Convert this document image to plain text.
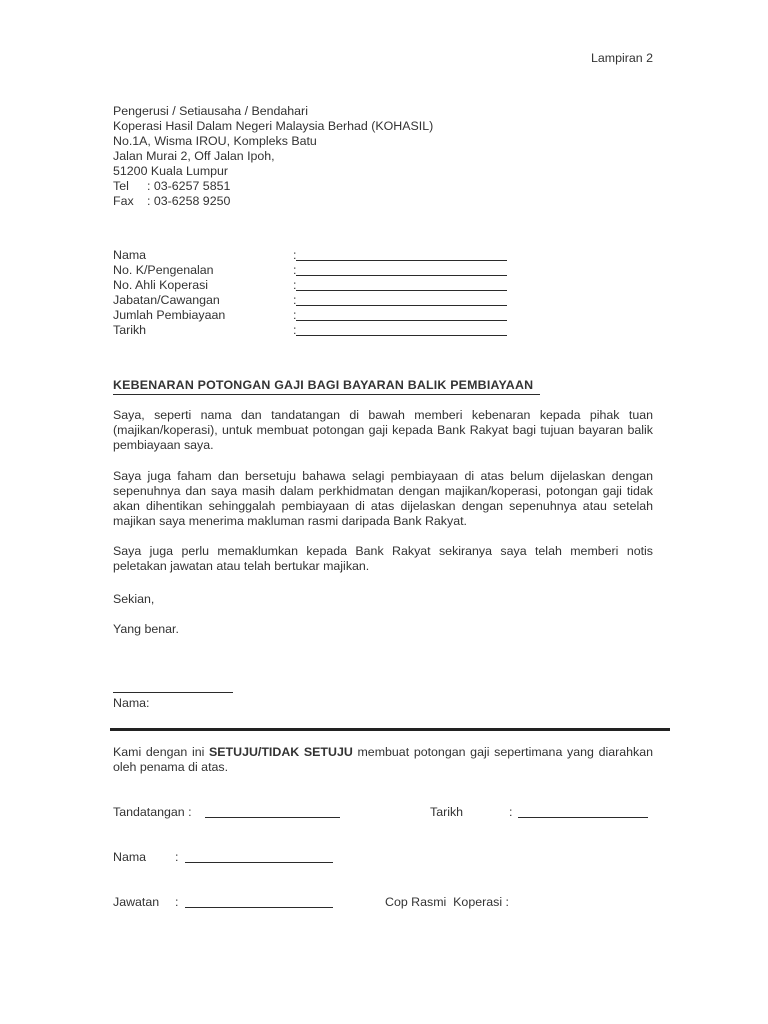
Lampiran 2
Pengerusi / Setiausaha / Bendahari
Koperasi Hasil Dalam Negeri Malaysia Berhad (KOHASIL)
No.1A, Wisma IROU, Kompleks Batu
Jalan Murai 2, Off Jalan Ipoh,
51200 Kuala Lumpur
Tel : 03-6257 5851
Fax : 03-6258 9250
Nama	:
No. K/Pengenalan	:
No. Ahli Koperasi	:
Jabatan/Cawangan	:
Jumlah Pembiayaan	:
Tarikh	:
KEBENARAN POTONGAN GAJI BAGI BAYARAN BALIK PEMBIAYAAN
Saya, seperti nama dan tandatangan di bawah memberi kebenaran kepada pihak tuan (majikan/koperasi), untuk membuat potongan gaji kepada Bank Rakyat bagi tujuan bayaran balik pembiayaan saya.
Saya juga faham dan bersetuju bahawa selagi pembiayaan di atas belum dijelaskan dengan sepenuhnya dan saya masih dalam perkhidmatan dengan majikan/koperasi, potongan gaji tidak akan dihentikan sehinggalah pembiayaan di atas dijelaskan dengan sepenuhnya atau setelah majikan saya menerima makluman rasmi daripada Bank Rakyat.
Saya juga perlu memaklumkan kepada Bank Rakyat sekiranya saya telah memberi notis peletakan jawatan atau telah bertukar majikan.
Sekian,
Yang benar.
Nama:
Kami dengan ini SETUJU/TIDAK SETUJU membuat potongan gaji sepertimana yang diarahkan oleh penama di atas.
Tandatangan :	Tarikh	:
Nama :
Jawatan :	Cop Rasmi  Koperasi :
